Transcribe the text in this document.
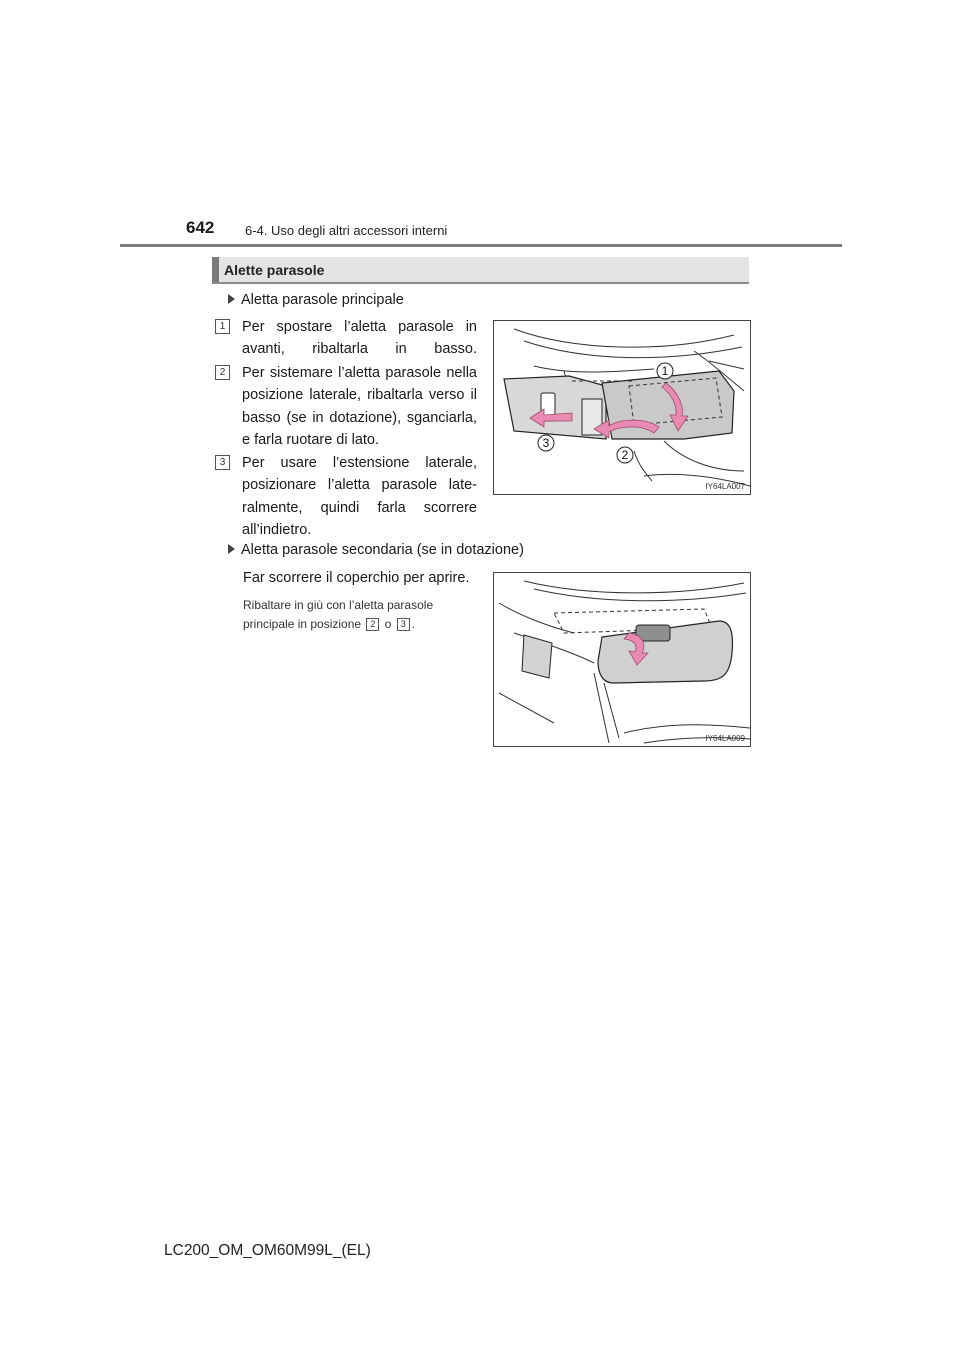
642 6-4. Uso degli altri accessori interni
Alette parasole
Aletta parasole principale
1	Per spostare l’aletta parasole in avanti, ribaltarla in basso.
2	Per sistemare l’aletta parasole nella posizione laterale, ribaltarla verso il basso (se in dotazione), sganciarla, e farla ruotare di lato.
3	Per usare l’estensione laterale, posizionare l’aletta parasole late-ralmente, quindi farla scorrere all’indietro.
Aletta parasole secondaria (se in dotazione)
Far scorrere il coperchio per aprire.
Ribaltare in giù con l’aletta parasole principale in posizione 2 o 3 .
1
2
3
IY64LA007
IY64LA009
LC200_OM_OM60M99L_(EL)
